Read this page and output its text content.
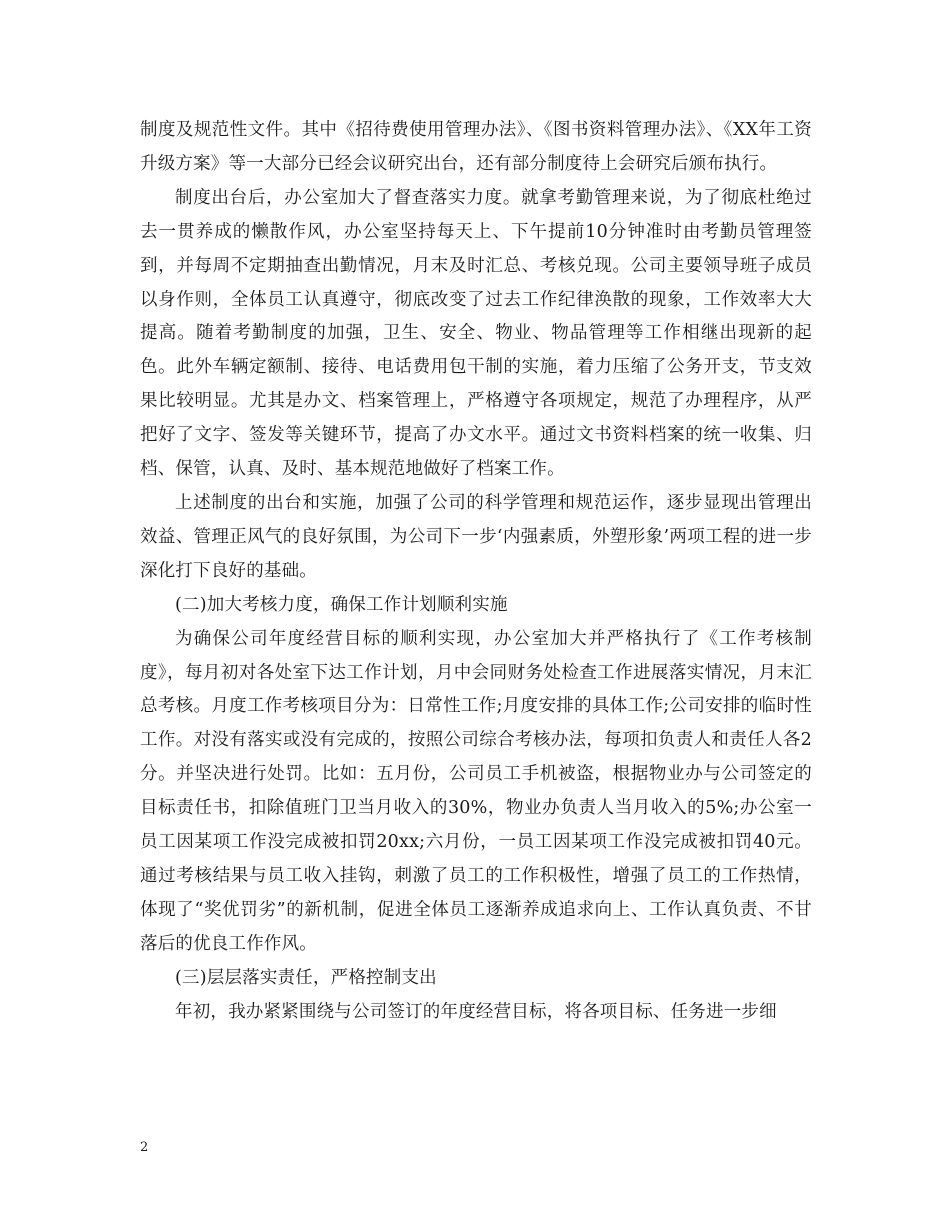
制度及规范性文件。其中《招待费使用管理办法》、《图书资料管理办法》、《XX年工资升级方案》等一大部分已经会议研究出台，还有部分制度待上会研究后颁布执行。

制度出台后，办公室加大了督查落实力度。就拿考勤管理来说，为了彻底杜绝过去一贯养成的懒散作风，办公室坚持每天上、下午提前10分钟准时由考勤员管理签到，并每周不定期抽查出勤情况，月末及时汇总、考核兑现。公司主要领导班子成员以身作则，全体员工认真遵守，彻底改变了过去工作纪律涣散的现象，工作效率大大提高。随着考勤制度的加强，卫生、安全、物业、物品管理等工作相继出现新的起色。此外车辆定额制、接待、电话费用包干制的实施，着力压缩了公务开支，节支效果比较明显。尤其是办文、档案管理上，严格遵守各项规定，规范了办理程序，从严把好了文字、签发等关键环节，提高了办文水平。通过文书资料档案的统一收集、归档、保管，认真、及时、基本规范地做好了档案工作。

上述制度的出台和实施，加强了公司的科学管理和规范运作，逐步显现出管理出效益、管理正风气的良好氛围，为公司下一步‘内强素质，外塑形象’两项工程的进一步深化打下良好的基础。

(二)加大考核力度，确保工作计划顺利实施

为确保公司年度经营目标的顺利实现，办公室加大并严格执行了《工作考核制度》，每月初对各处室下达工作计划，月中会同财务处检查工作进展落实情况，月末汇总考核。月度工作考核项目分为：日常性工作;月度安排的具体工作;公司安排的临时性工作。对没有落实或没有完成的，按照公司综合考核办法，每项扣负责人和责任人各2分。并坚决进行处罚。比如：五月份，公司员工手机被盗，根据物业办与公司签定的目标责任书，扣除值班门卫当月收入的30%，物业办负责人当月收入的5%;办公室一员工因某项工作没完成被扣罚20xx;六月份，一员工因某项工作没完成被扣罚40元。通过考核结果与员工收入挂钩，刺激了员工的工作积极性，增强了员工的工作热情，体现了“奖优罚劣”的新机制，促进全体员工逐渐养成追求向上、工作认真负责、不甘落后的优良工作作风。

(三)层层落实责任，严格控制支出

年初，我办紧紧围绕与公司签订的年度经营目标，将各项目标、任务进一步细

2
